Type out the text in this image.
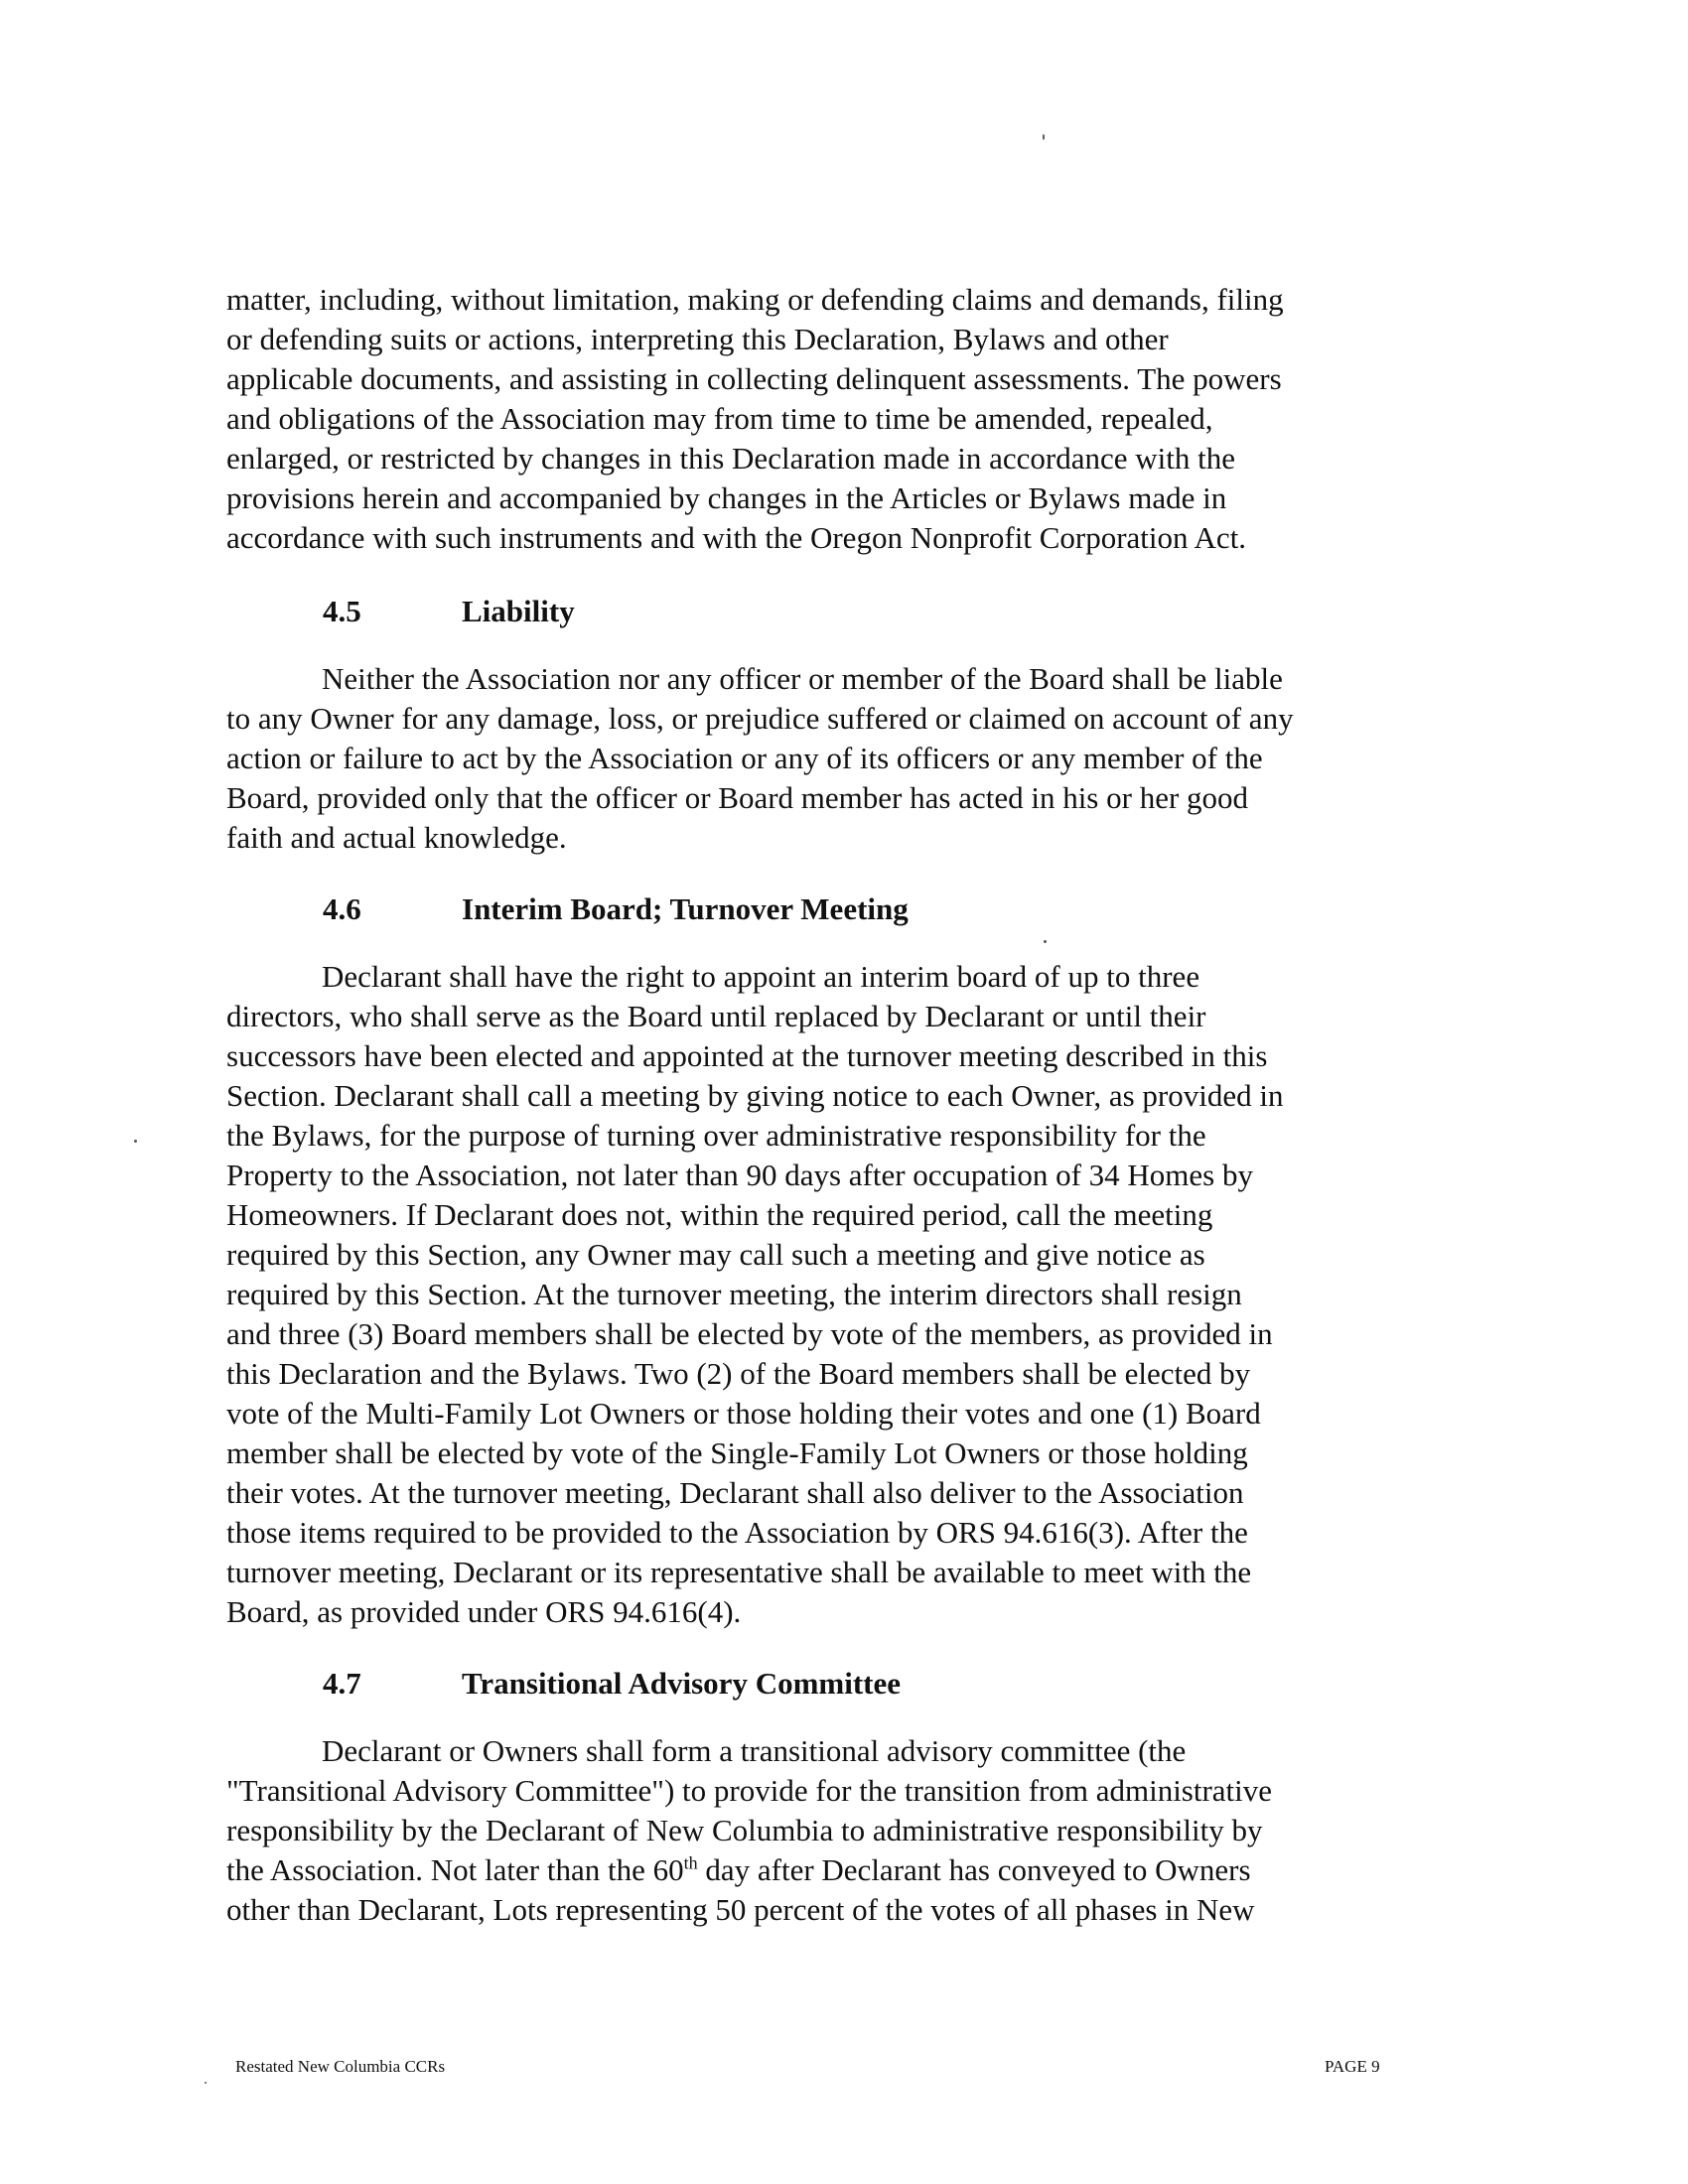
matter, including, without limitation, making or defending claims and demands, filing
or defending suits or actions, interpreting this Declaration, Bylaws and other
applicable documents, and assisting in collecting delinquent assessments. The powers
and obligations of the Association may from time to time be amended, repealed,
enlarged, or restricted by changes in this Declaration made in accordance with the
provisions herein and accompanied by changes in the Articles or Bylaws made in
accordance with such instruments and with the Oregon Nonprofit Corporation Act.
4.5	Liability
Neither the Association nor any officer or member of the Board shall be liable
to any Owner for any damage, loss, or prejudice suffered or claimed on account of any
action or failure to act by the Association or any of its officers or any member of the
Board, provided only that the officer or Board member has acted in his or her good
faith and actual knowledge.
4.6	Interim Board; Turnover Meeting
Declarant shall have the right to appoint an interim board of up to three
directors, who shall serve as the Board until replaced by Declarant or until their
successors have been elected and appointed at the turnover meeting described in this
Section. Declarant shall call a meeting by giving notice to each Owner, as provided in
the Bylaws, for the purpose of turning over administrative responsibility for the
Property to the Association, not later than 90 days after occupation of 34 Homes by
Homeowners. If Declarant does not, within the required period, call the meeting
required by this Section, any Owner may call such a meeting and give notice as
required by this Section. At the turnover meeting, the interim directors shall resign
and three (3) Board members shall be elected by vote of the members, as provided in
this Declaration and the Bylaws. Two (2) of the Board members shall be elected by
vote of the Multi-Family Lot Owners or those holding their votes and one (1) Board
member shall be elected by vote of the Single-Family Lot Owners or those holding
their votes. At the turnover meeting, Declarant shall also deliver to the Association
those items required to be provided to the Association by ORS 94.616(3). After the
turnover meeting, Declarant or its representative shall be available to meet with the
Board, as provided under ORS 94.616(4).
4.7	Transitional Advisory Committee
Declarant or Owners shall form a transitional advisory committee (the
"Transitional Advisory Committee") to provide for the transition from administrative
responsibility by the Declarant of New Columbia to administrative responsibility by
the Association. Not later than the 60th day after Declarant has conveyed to Owners
other than Declarant, Lots representing 50 percent of the votes of all phases in New
Restated New Columbia CCRs	PAGE 9
